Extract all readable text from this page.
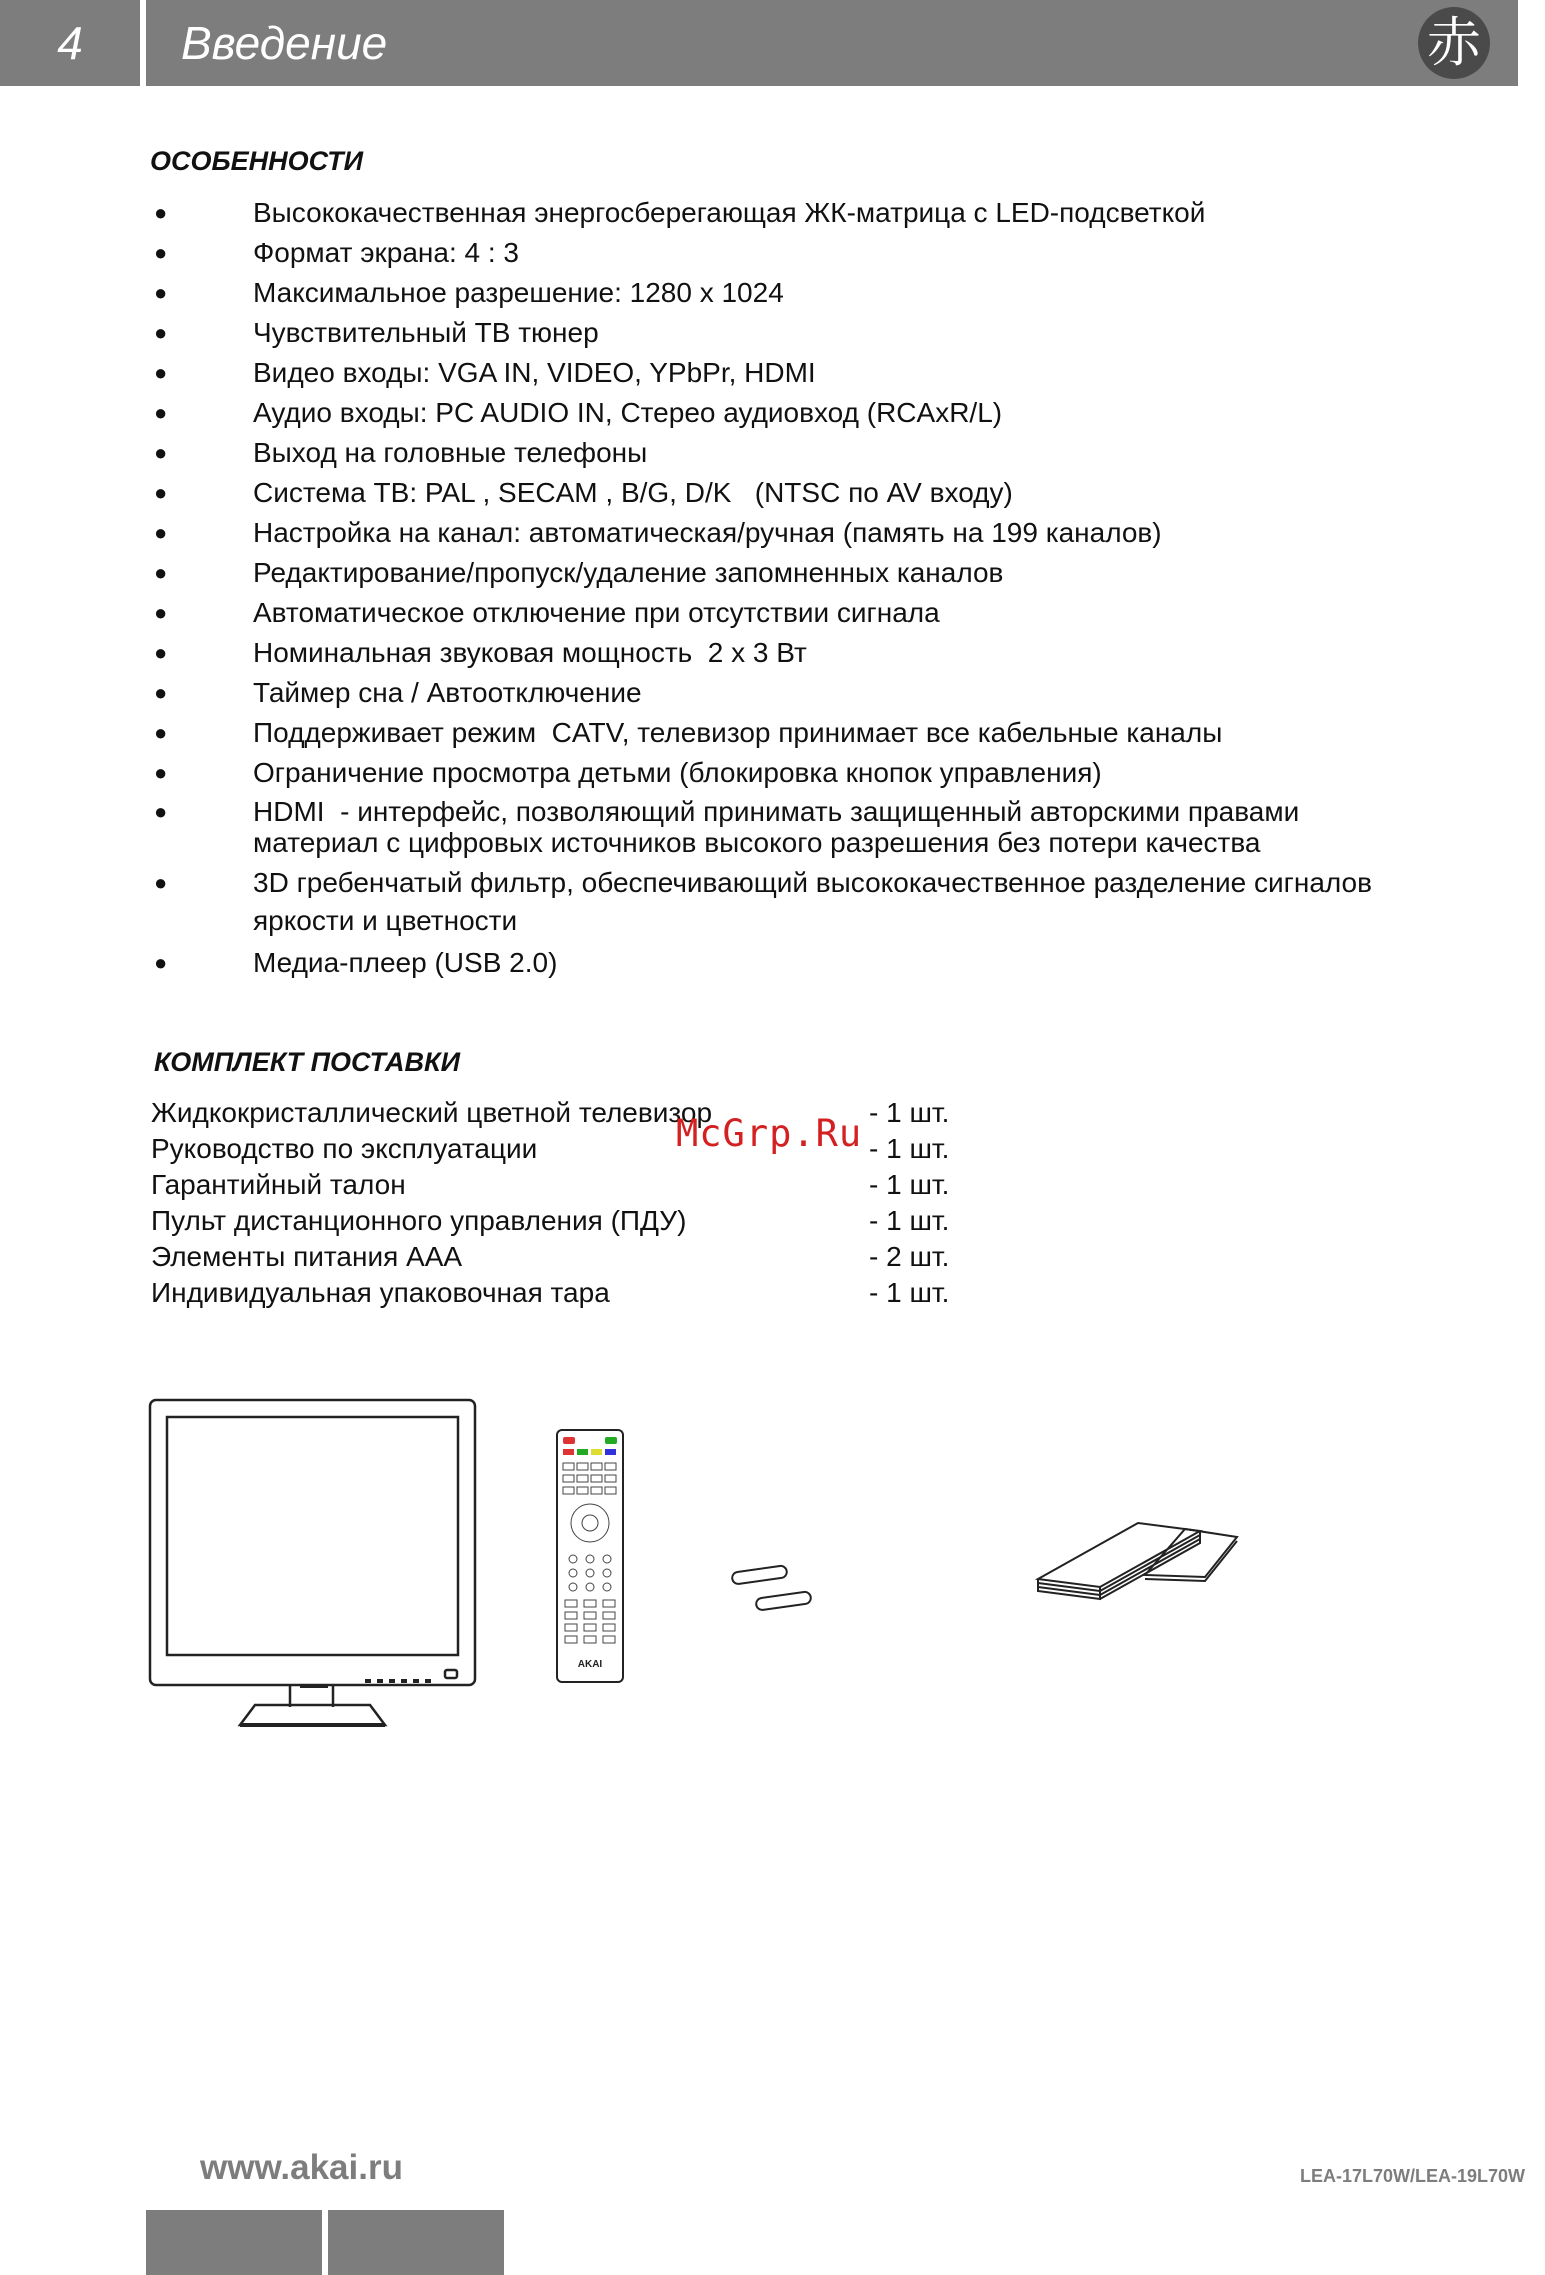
4	Введение	赤
ОСОБЕННОСТИ
●	Высококачественная энергосберегающая ЖК-матрица с LED-подсветкой
●	Формат экрана: 4 : 3
●	Максимальное разрешение: 1280 x 1024
●	Чувствительный ТВ тюнер
●	Видео входы: VGA IN, VIDEO, YPbPr, HDMI
●	Аудио входы: PC AUDIO IN, Стерео аудиовход (RCAxR/L)
●	Выход на головные телефоны
●	Система ТВ: PAL , SECAM , B/G, D/K   (NTSC по AV входу)
●	Настройка на канал: автоматическая/ручная (память на 199 каналов)
●	Редактирование/пропуск/удаление запомненных каналов
●	Автоматическое отключение при отсутствии сигнала
●	Номинальная звуковая мощность  2 x 3 Вт
●	Таймер сна / Автоотключение
●	Поддерживает режим  CATV, телевизор принимает все кабельные каналы
●	Ограничение просмотра детьми (блокировка кнопок управления)
●	HDMI  - интерфейс, позволяющий принимать защищенный авторскими правами
материал с цифровых источников высокого разрешения без потери качества
●	3D гребенчатый фильтр, обеспечивающий высококачественное разделение сигналов
яркости и цветности
●	Медиа-плеер (USB 2.0)
КОМПЛЕКТ ПОСТАВКИ
Жидкокристаллический цветной телевизор	- 1 шт.
Руководство по эксплуатации	- 1 шт.
Гарантийный талон	- 1 шт.
Пульт дистанционного управления (ПДУ)	- 1 шт.
Элементы питания AAA	- 2 шт.
Индивидуальная упаковочная тара	- 1 шт.
McGrp.Ru
AKAI
www.akai.ru	LEA-17L70W/LEA-19L70W
